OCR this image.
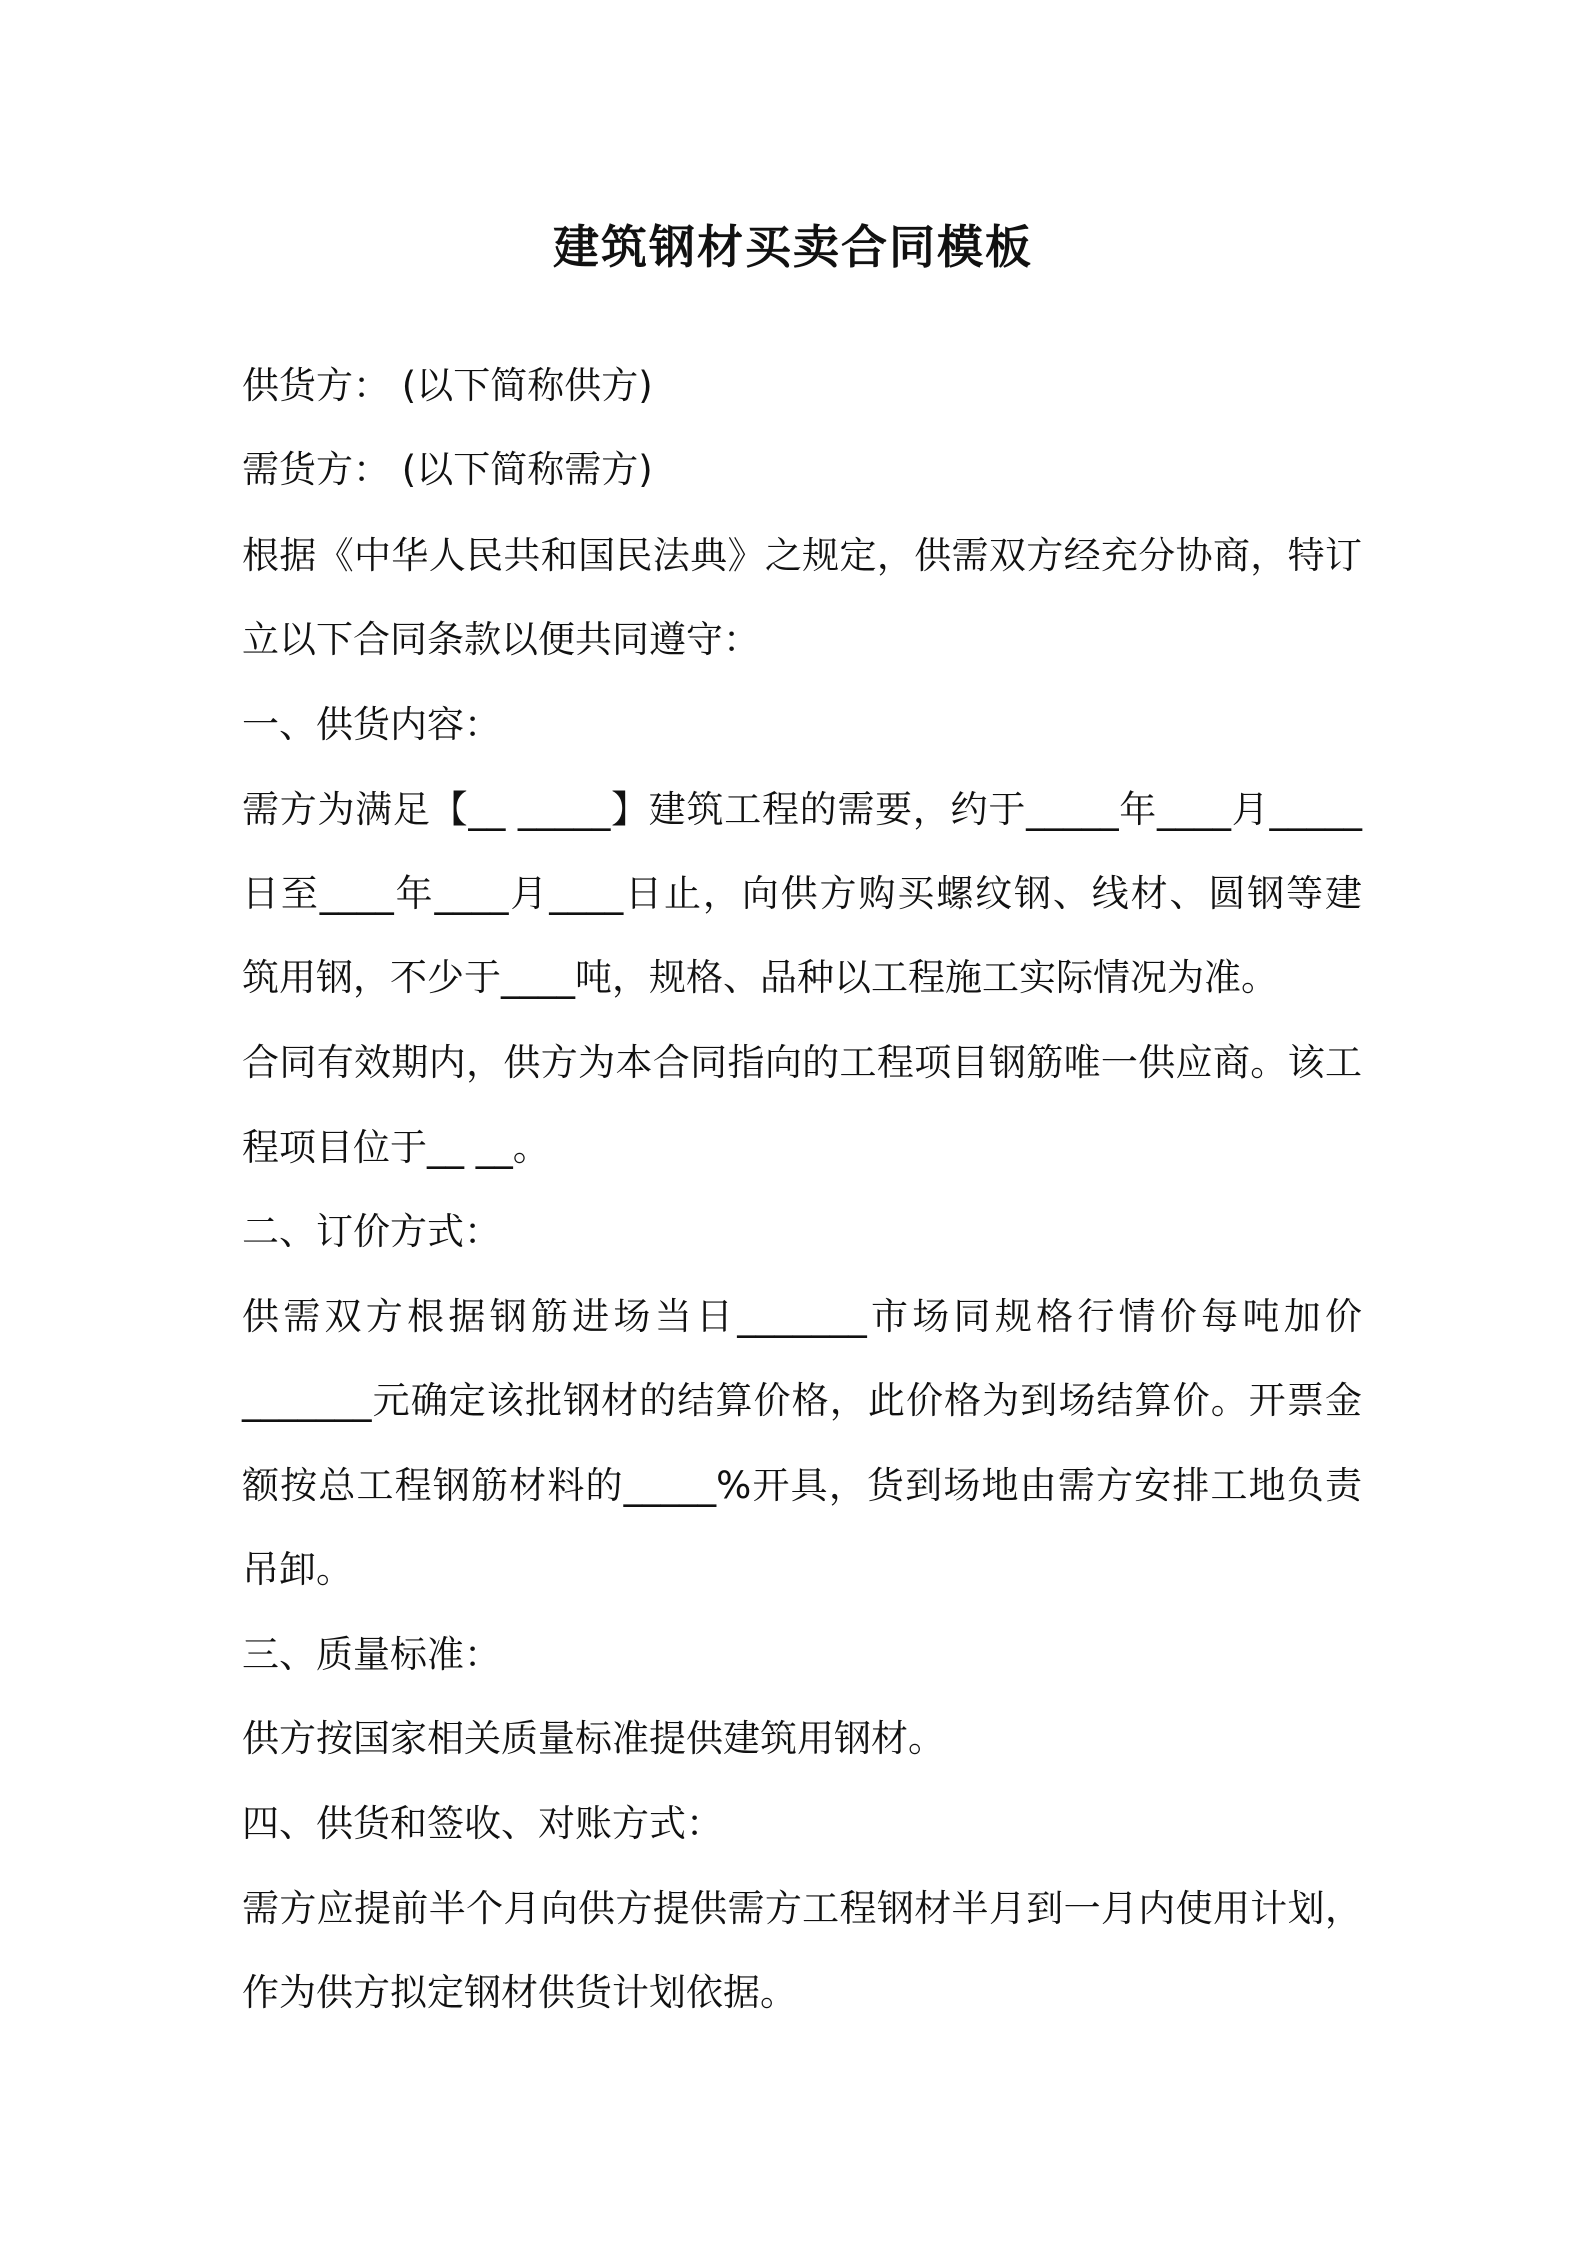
建筑钢材买卖合同模板

供货方： (以下简称供方)

需货方： (以下简称需方)

根据《中华人民共和国民法典》之规定，供需双方经充分协商，特订

立以下合同条款以便共同遵守：

一、供货内容：

需方为满足【__ _____】建筑工程的需要，约于_____年____月_____

日至____年____月____日止，向供方购买螺纹钢、线材、圆钢等建

筑用钢，不少于____吨，规格、品种以工程施工实际情况为准。

合同有效期内，供方为本合同指向的工程项目钢筋唯一供应商。该工

程项目位于__ __。

二、订价方式：

供需双方根据钢筋进场当日_______市场同规格行情价每吨加价

_______元确定该批钢材的结算价格，此价格为到场结算价。开票金

额按总工程钢筋材料的_____%开具，货到场地由需方安排工地负责

吊卸。

三、质量标准：

供方按国家相关质量标准提供建筑用钢材。

四、供货和签收、对账方式：

需方应提前半个月向供方提供需方工程钢材半月到一月内使用计划，

作为供方拟定钢材供货计划依据。
